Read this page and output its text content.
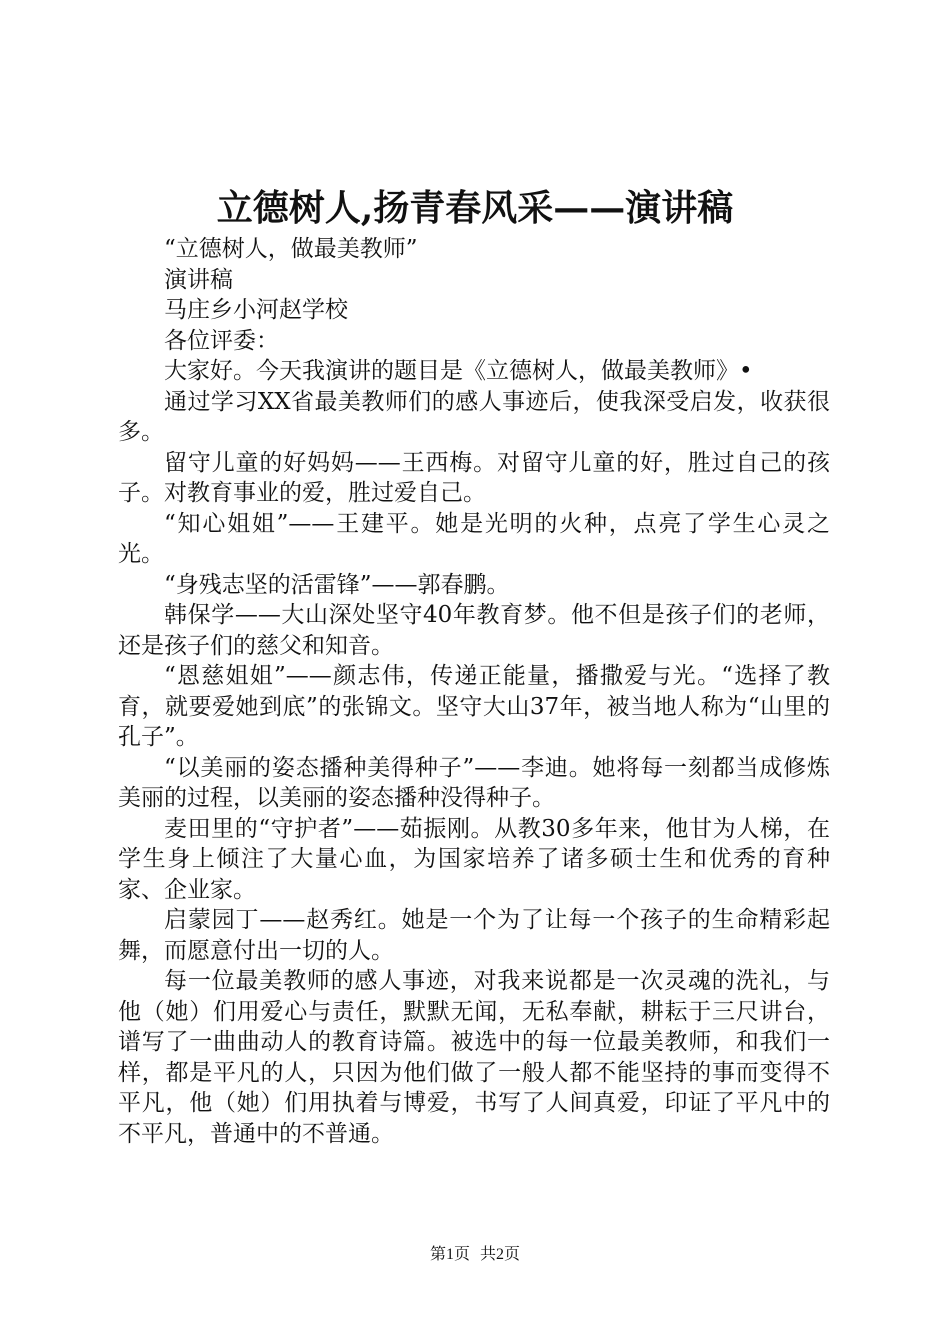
立德树人,扬青春风采——演讲稿

“立德树人，做最美教师”

演讲稿

马庄乡小河赵学校

各位评委：

大家好。今天我演讲的题目是《立德树人，做最美教师》•

通过学习XX省最美教师们的感人事迹后，使我深受启发，收获很多。

留守儿童的好妈妈——王西梅。对留守儿童的好，胜过自己的孩子。对教育事业的爱，胜过爱自己。

“知心姐姐”——王建平。她是光明的火种，点亮了学生心灵之光。

“身残志坚的活雷锋”——郭春鹏。

韩保学——大山深处坚守40年教育梦。他不但是孩子们的老师，还是孩子们的慈父和知音。

“恩慈姐姐”——颜志伟，传递正能量，播撒爱与光。“选择了教育，就要爱她到底”的张锦文。坚守大山37年，被当地人称为“山里的孔子”。

“以美丽的姿态播种美得种子”——李迪。她将每一刻都当成修炼美丽的过程，以美丽的姿态播种没得种子。

麦田里的“守护者”——茹振刚。从教30多年来，他甘为人梯，在学生身上倾注了大量心血，为国家培养了诸多硕士生和优秀的育种家、企业家。

启蒙园丁——赵秀红。她是一个为了让每一个孩子的生命精彩起舞，而愿意付出一切的人。

每一位最美教师的感人事迹，对我来说都是一次灵魂的洗礼，与他（她）们用爱心与责任，默默无闻，无私奉献，耕耘于三尺讲台，谱写了一曲曲动人的教育诗篇。被选中的每一位最美教师，和我们一样，都是平凡的人，只因为他们做了一般人都不能坚持的事而变得不平凡，他（她）们用执着与博爱，书写了人间真爱，印证了平凡中的不平凡，普通中的不普通。

第1页 共2页
